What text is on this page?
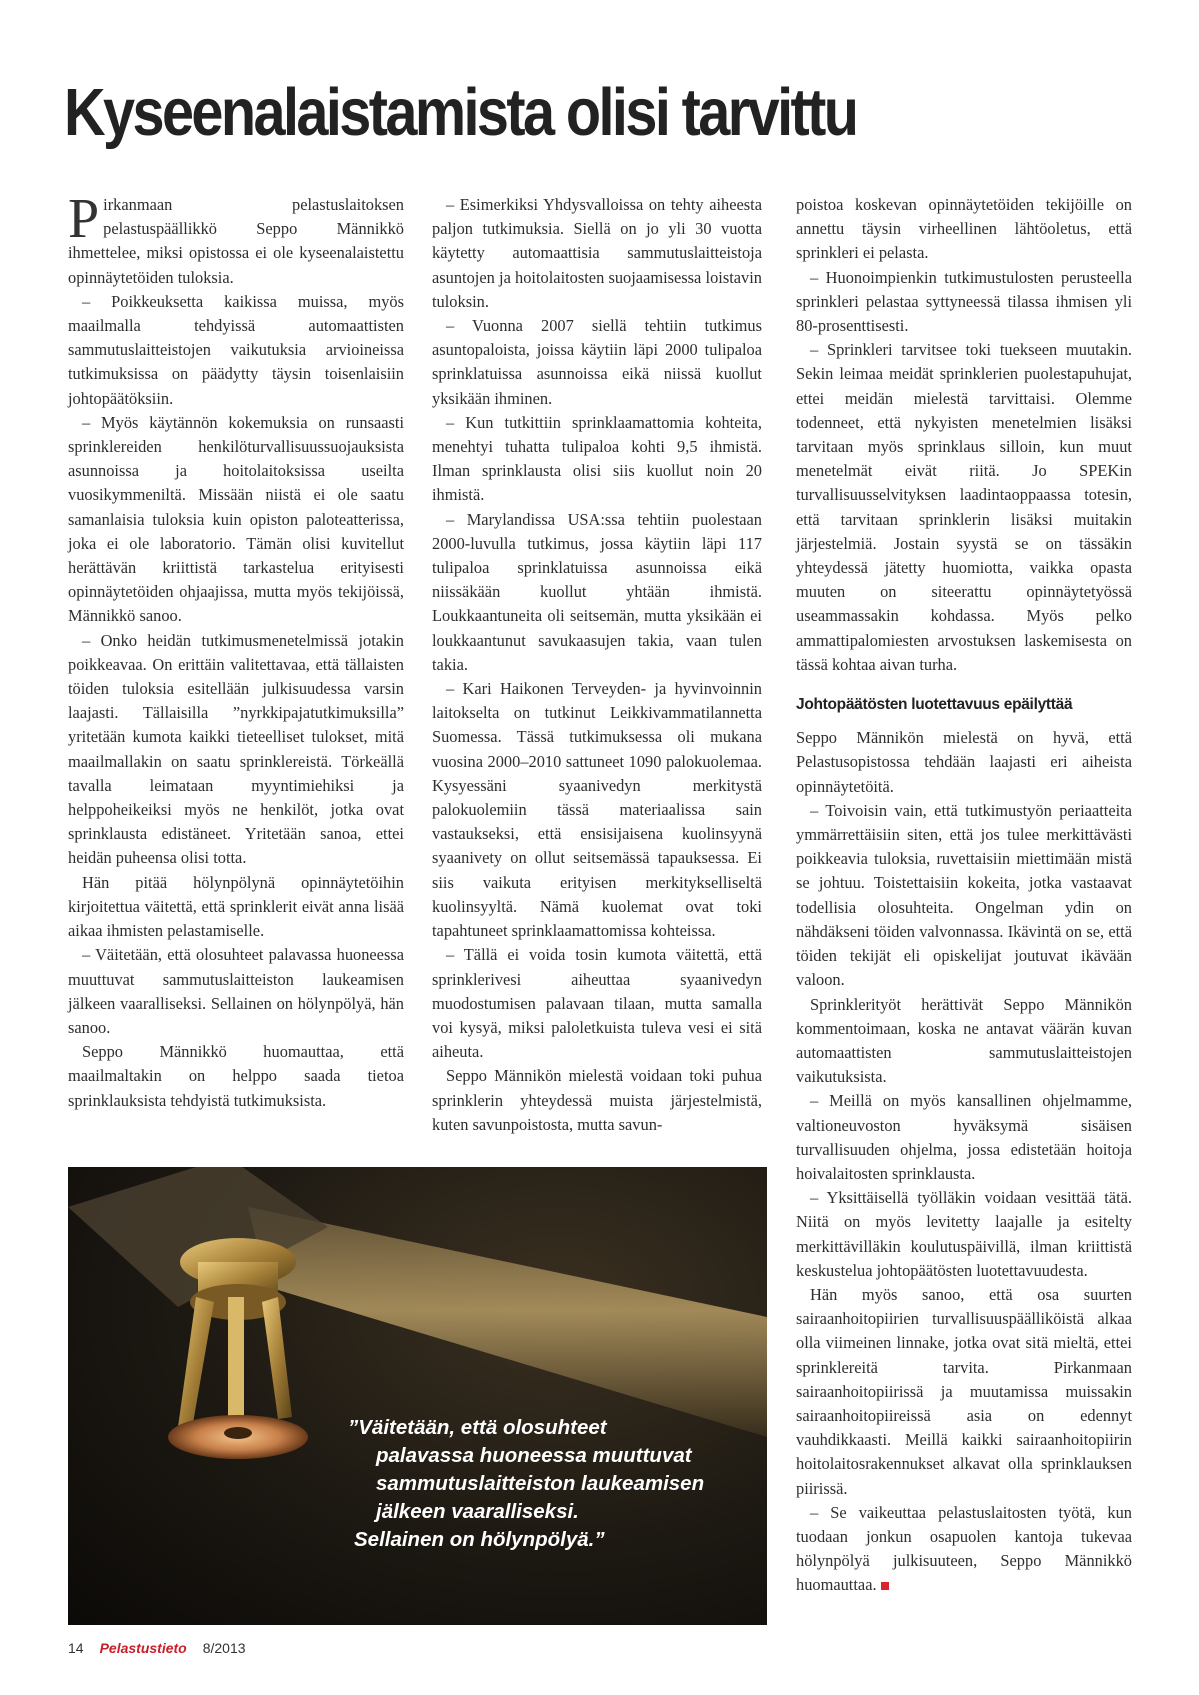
Kyseenalaistamista olisi tarvittu

Pirkanmaan pelastuslaitoksen pelastuspäällikkö Seppo Männikkö ihmettelee, miksi opistossa ei ole kyseenalaistettu opinnäytetöiden tuloksia.

– Poikkeuksetta kaikissa muissa, myös maailmalla tehdyissä automaattisten sammutuslaitteistojen vaikutuksia arvioineissa tutkimuksissa on päädytty täysin toisenlaisiin johtopäätöksiin.

– Myös käytännön kokemuksia on runsaasti sprinklereiden henkilöturvallisuussuojauksista asunnoissa ja hoitolaitoksissa useilta vuosikymmeniltä. Missään niistä ei ole saatu samanlaisia tuloksia kuin opiston paloteatterissa, joka ei ole laboratorio. Tämän olisi kuvitellut herättävän kriittistä tarkastelua erityisesti opinnäytetöiden ohjaajissa, mutta myös tekijöissä, Männikkö sanoo.

– Onko heidän tutkimusmenetelmissä jotakin poikkeavaa. On erittäin valitettavaa, että tällaisten töiden tuloksia esitellään julkisuudessa varsin laajasti. Tällaisilla ”nyrkkipajatutkimuksilla” yritetään kumota kaikki tieteelliset tulokset, mitä maailmallakin on saatu sprinklereistä. Törkeällä tavalla leimataan myyntimiehiksi ja helppoheikeiksi myös ne henkilöt, jotka ovat sprinklausta edistäneet. Yritetään sanoa, ettei heidän puheensa olisi totta.

Hän pitää hölynpölynä opinnäytetöihin kirjoitettua väitettä, että sprinklerit eivät anna lisää aikaa ihmisten pelastamiselle.

– Väitetään, että olosuhteet palavassa huoneessa muuttuvat sammutuslaitteiston laukeamisen jälkeen vaaralliseksi. Sellainen on hölynpölyä, hän sanoo.

Seppo Männikkö huomauttaa, että maailmaltakin on helppo saada tietoa sprinklauksista tehdyistä tutkimuksista.

– Esimerkiksi Yhdysvalloissa on tehty aiheesta paljon tutkimuksia. Siellä on jo yli 30 vuotta käytetty automaattisia sammutuslaitteistoja asuntojen ja hoitolaitosten suojaamisessa loistavin tuloksin.

– Vuonna 2007 siellä tehtiin tutkimus asuntopaloista, joissa käytiin läpi 2000 tulipaloa sprinklatuissa asunnoissa eikä niissä kuollut yksikään ihminen.

– Kun tutkittiin sprinklaamattomia kohteita, menehtyi tuhatta tulipaloa kohti 9,5 ihmistä. Ilman sprinklausta olisi siis kuollut noin 20 ihmistä.

– Marylandissa USA:ssa tehtiin puolestaan 2000-luvulla tutkimus, jossa käytiin läpi 117 tulipaloa sprinklatuissa asunnoissa eikä niissäkään kuollut yhtään ihmistä. Loukkaantuneita oli seitsemän, mutta yksikään ei loukkaantunut savukaasujen takia, vaan tulen takia.

– Kari Haikonen Terveyden- ja hyvinvoinnin laitokselta on tutkinut Leikkivammatilannetta Suomessa. Tässä tutkimuksessa oli mukana vuosina 2000–2010 sattuneet 1090 palokuolemaa. Kysyessäni syaanivedyn merkitystä palokuolemiin tässä materiaalissa sain vastaukseksi, että ensisijaisena kuolinsyynä syaanivety on ollut seitsemässä tapauksessa. Ei siis vaikuta erityisen merkitykselliseltä kuolinsyyltä. Nämä kuolemat ovat toki tapahtuneet sprinklaamattomissa kohteissa.

– Tällä ei voida tosin kumota väitettä, että sprinklerivesi aiheuttaa syaanivedyn muodostumisen palavaan tilaan, mutta samalla voi kysyä, miksi paloletkuista tuleva vesi ei sitä aiheuta.

Seppo Männikön mielestä voidaan toki puhua sprinklerin yhteydessä muista järjestelmistä, kuten savunpoistosta, mutta savun-

poistoa koskevan opinnäytetöiden tekijöille on annettu täysin virheellinen lähtöoletus, että sprinkleri ei pelasta.

– Huonoimpienkin tutkimustulosten perusteella sprinkleri pelastaa syttyneessä tilassa ihmisen yli 80-prosenttisesti.

– Sprinkleri tarvitsee toki tuekseen muutakin. Sekin leimaa meidät sprinklerien puolestapuhujat, ettei meidän mielestä tarvittaisi. Olemme todenneet, että nykyisten menetelmien lisäksi tarvitaan myös sprinklaus silloin, kun muut menetelmät eivät riitä. Jo SPEKin turvallisuusselvityksen laadintaoppaassa totesin, että tarvitaan sprinklerin lisäksi muitakin järjestelmiä. Jostain syystä se on tässäkin yhteydessä jätetty huomiotta, vaikka opasta muuten on siteerattu opinnäytetyössä useammassakin kohdassa. Myös pelko ammattipalomiesten arvostuksen laskemisesta on tässä kohtaa aivan turha.

Johtopäätösten luotettavuus epäilyttää

Seppo Männikön mielestä on hyvä, että Pelastusopistossa tehdään laajasti eri aiheista opinnäytetöitä.

– Toivoisin vain, että tutkimustyön periaatteita ymmärrettäisiin siten, että jos tulee merkittävästi poikkeavia tuloksia, ruvettaisiin miettimään mistä se johtuu. Toistettaisiin kokeita, jotka vastaavat todellisia olosuhteita. Ongelman ydin on nähdäkseni töiden valvonnassa. Ikävintä on se, että töiden tekijät eli opiskelijat joutuvat ikävään valoon.

Sprinklerityöt herättivät Seppo Männikön kommentoimaan, koska ne antavat väärän kuvan automaattisten sammutuslaitteistojen vaikutuksista.

– Meillä on myös kansallinen ohjelmamme, valtioneuvoston hyväksymä sisäisen turvallisuuden ohjelma, jossa edistetään hoitoja hoivalaitosten sprinklausta.

– Yksittäisellä työlläkin voidaan vesittää tätä. Niitä on myös levitetty laajalle ja esitelty merkittävilläkin koulutuspäivillä, ilman kriittistä keskustelua johtopäätösten luotettavuudesta.

Hän myös sanoo, että osa suurten sairaanhoitopiirien turvallisuuspäälliköistä alkaa olla viimeinen linnake, jotka ovat sitä mieltä, ettei sprinklereitä tarvita. Pirkanmaan sairaanhoitopiirissä ja muutamissa muissakin sairaanhoitopiireissä asia on edennyt vauhdikkaasti. Meillä kaikki sairaanhoitopiirin hoitolaitosrakennukset alkavat olla sprinklauksen piirissä.

– Se vaikeuttaa pelastuslaitosten työtä, kun tuodaan jonkun osapuolen kantoja tukevaa hölynpölyä julkisuuteen, Seppo Männikkö huomauttaa.

”Väitetään, että olosuhteet
palavassa huoneessa muuttuvat
sammutuslaitteiston laukeamisen
jälkeen vaaralliseksi.
Sellainen on hölynpölyä.”
14 Pelastustieto 8/2013
